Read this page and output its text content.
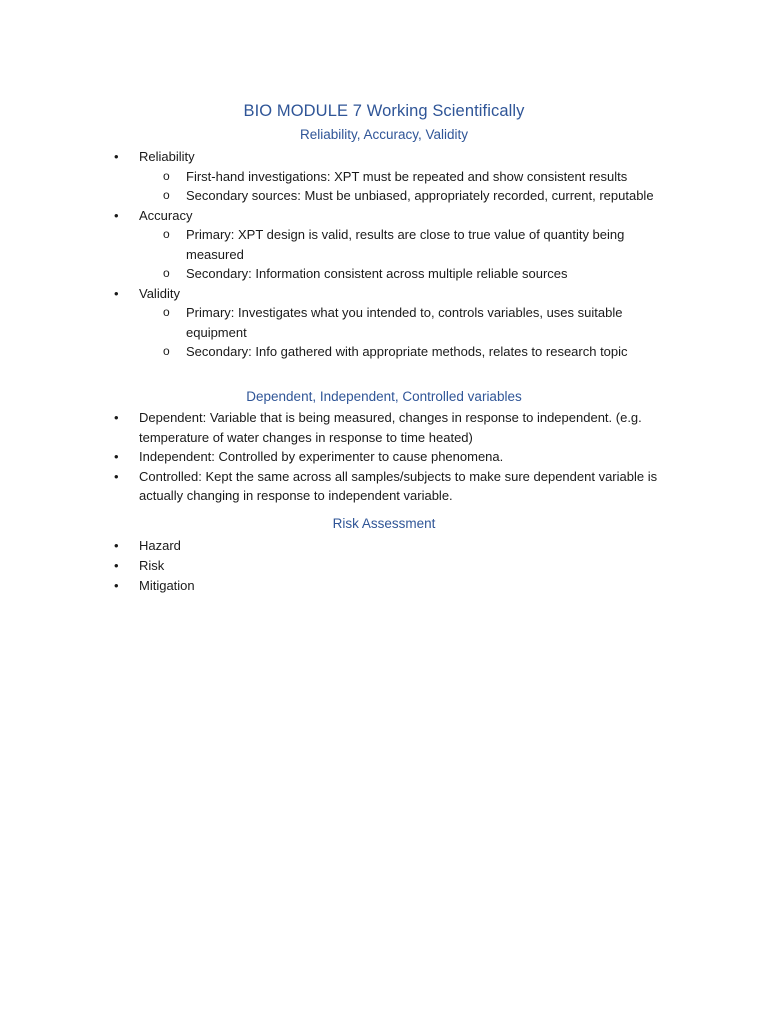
BIO MODULE 7 Working Scientifically
Reliability, Accuracy, Validity
• Reliability
o First-hand investigations: XPT must be repeated and show consistent results
o Secondary sources: Must be unbiased, appropriately recorded, current, reputable
• Accuracy
o Primary: XPT design is valid, results are close to true value of quantity being measured
o Secondary: Information consistent across multiple reliable sources
• Validity
o Primary: Investigates what you intended to, controls variables, uses suitable equipment
o Secondary: Info gathered with appropriate methods, relates to research topic
Dependent, Independent, Controlled variables
• Dependent: Variable that is being measured, changes in response to independent. (e.g. temperature of water changes in response to time heated)
• Independent: Controlled by experimenter to cause phenomena.
• Controlled: Kept the same across all samples/subjects to make sure dependent variable is actually changing in response to independent variable.
Risk Assessment
• Hazard
• Risk
• Mitigation
